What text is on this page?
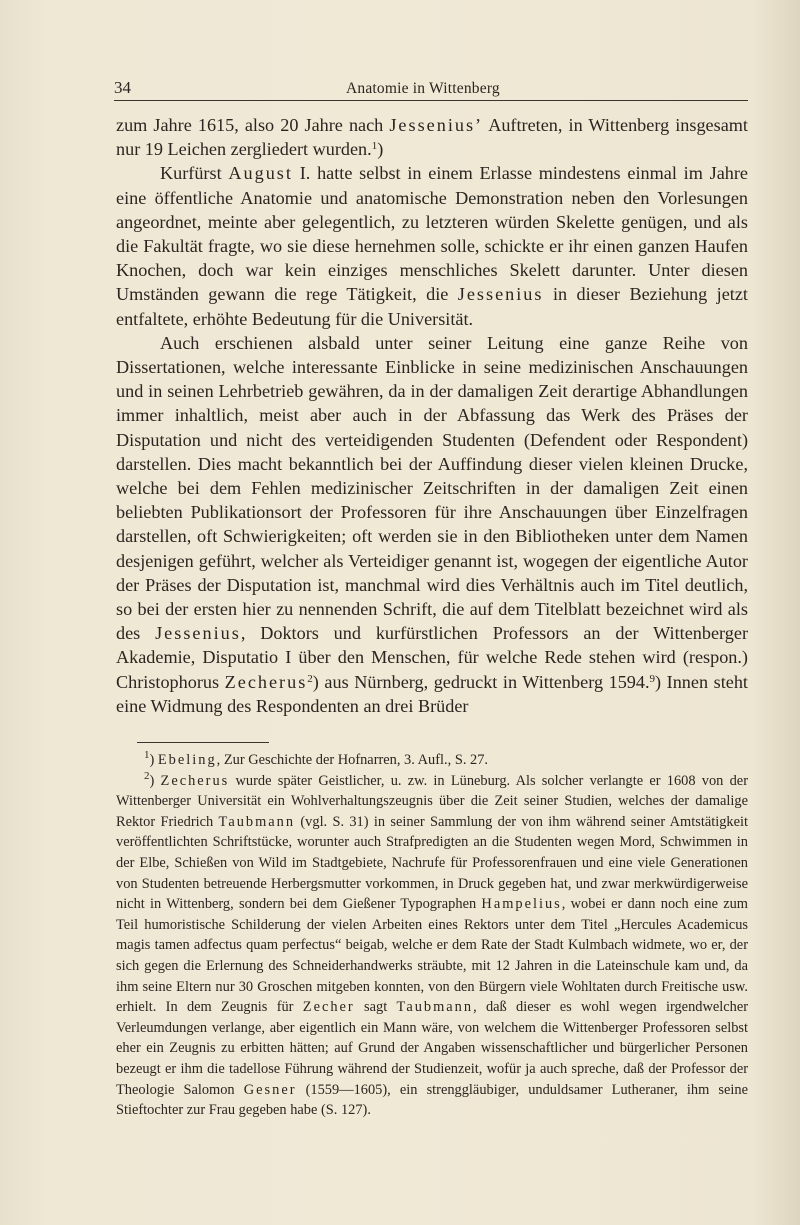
34	Anatomie in Wittenberg

zum Jahre 1615, also 20 Jahre nach Jessenius’ Auftreten, in Wittenberg insgesamt nur 19 Leichen zergliedert wurden.$^1$)

Kurfürst August I. hatte selbst in einem Erlasse mindestens einmal im Jahre eine öffentliche Anatomie und anatomische Demonstration neben den Vorlesungen angeordnet, meinte aber gelegentlich, zu letzteren würden Skelette genügen, und als die Fakultät fragte, wo sie diese hernehmen solle, schickte er ihr einen ganzen Haufen Knochen, doch war kein einziges menschliches Skelett darunter. Unter diesen Umständen gewann die rege Tätigkeit, die Jessenius in dieser Beziehung jetzt entfaltete, erhöhte Bedeutung für die Universität.

Auch erschienen alsbald unter seiner Leitung eine ganze Reihe von Dissertationen, welche interessante Einblicke in seine medizinischen Anschauungen und in seinen Lehrbetrieb gewähren, da in der damaligen Zeit derartige Abhandlungen immer inhaltlich, meist aber auch in der Abfassung das Werk des Präses der Disputation und nicht des verteidigenden Studenten (Defendent oder Respondent) darstellen. Dies macht bekanntlich bei der Auffindung dieser vielen kleinen Drucke, welche bei dem Fehlen medizinischer Zeitschriften in der damaligen Zeit einen beliebten Publikationsort der Professoren für ihre Anschauungen über Einzelfragen darstellen, oft Schwierigkeiten; oft werden sie in den Bibliotheken unter dem Namen desjenigen geführt, welcher als Verteidiger genannt ist, wogegen der eigentliche Autor der Präses der Disputation ist, manchmal wird dies Verhältnis auch im Titel deutlich, so bei der ersten hier zu nennenden Schrift, die auf dem Titelblatt bezeichnet wird als des Jessenius, Doktors und kurfürstlichen Professors an der Wittenberger Akademie, Disputatio I über den Menschen, für welche Rede stehen wird (respon.) Christophorus Zecherus$^2$) aus Nürnberg, gedruckt in Wittenberg 1594.$^9$) Innen steht eine Widmung des Respondenten an drei Brüder

$^1$) Ebeling, Zur Geschichte der Hofnarren, 3. Aufl., S. 27.

$^2$) Zecherus wurde später Geistlicher, u. zw. in Lüneburg. Als solcher verlangte er 1608 von der Wittenberger Universität ein Wohlverhaltungszeugnis über die Zeit seiner Studien, welches der damalige Rektor Friedrich Taubmann (vgl. S. 31) in seiner Sammlung der von ihm während seiner Amtstätigkeit veröffentlichten Schriftstücke, worunter auch Strafpredigten an die Studenten wegen Mord, Schwimmen in der Elbe, Schießen von Wild im Stadtgebiete, Nachrufe für Professorenfrauen und eine viele Generationen von Studenten betreuende Herbergsmutter vorkommen, in Druck gegeben hat, und zwar merkwürdigerweise nicht in Wittenberg, sondern bei dem Gießener Typographen Hampelius, wobei er dann noch eine zum Teil humoristische Schilderung der vielen Arbeiten eines Rektors unter dem Titel „Hercules Academicus magis tamen adfectus quam perfectus“ beigab, welche er dem Rate der Stadt Kulmbach widmete, wo er, der sich gegen die Erlernung des Schneiderhandwerks sträubte, mit 12 Jahren in die Lateinschule kam und, da ihm seine Eltern nur 30 Groschen mitgeben konnten, von den Bürgern viele Wohltaten durch Freitische usw. erhielt. In dem Zeugnis für Zecher sagt Taubmann, daß dieser es wohl wegen irgendwelcher Verleumdungen verlange, aber eigentlich ein Mann wäre, von welchem die Wittenberger Professoren selbst eher ein Zeugnis zu erbitten hätten; auf Grund der Angaben wissenschaftlicher und bürgerlicher Personen bezeugt er ihm die tadellose Führung während der Studienzeit, wofür ja auch spreche, daß der Professor der Theologie Salomon Gesner (1559—1605), ein strenggläubiger, unduldsamer Lutheraner, ihm seine Stieftochter zur Frau gegeben habe (S. 127).
